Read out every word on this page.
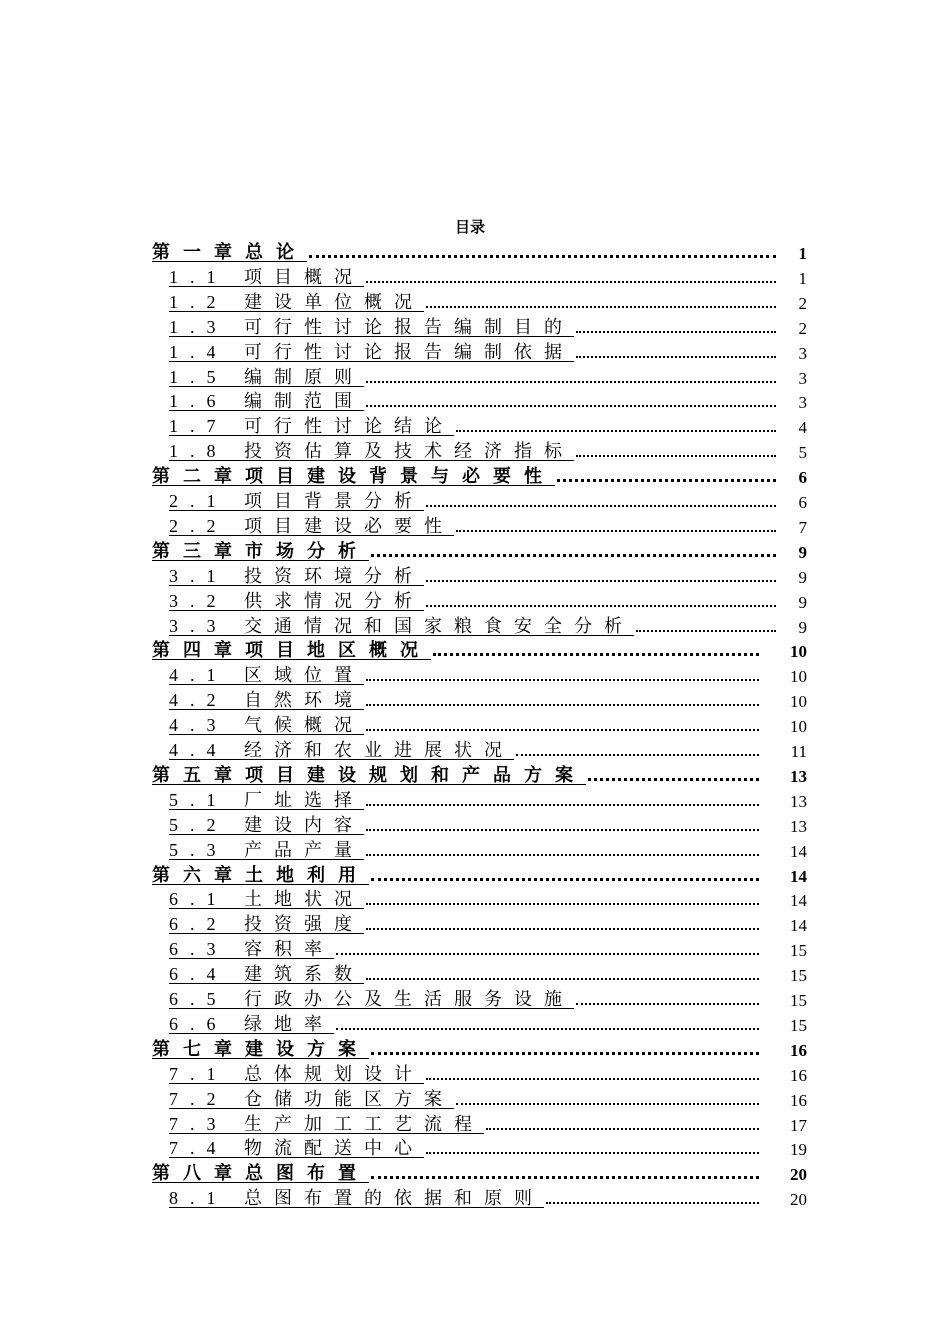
目录
第一章总论	1
1.1 项目概况	1
1.2 建设单位概况	2
1.3 可行性讨论报告编制目的	2
1.4 可行性讨论报告编制依据	3
1.5 编制原则	3
1.6 编制范围	3
1.7 可行性讨论结论	4
1.8 投资估算及技术经济指标	5
第二章项目建设背景与必要性	6
2.1 项目背景分析	6
2.2 项目建设必要性	7
第三章市场分析	9
3.1 投资环境分析	9
3.2 供求情况分析	9
3.3 交通情况和国家粮食安全分析	9
第四章项目地区概况	10
4.1 区域位置	10
4.2 自然环境	10
4.3 气候概况	10
4.4 经济和农业进展状况	11
第五章项目建设规划和产品方案	13
5.1 厂址选择	13
5.2 建设内容	13
5.3 产品产量	14
第六章土地利用	14
6.1 土地状况	14
6.2 投资强度	14
6.3 容积率	15
6.4 建筑系数	15
6.5 行政办公及生活服务设施	15
6.6 绿地率	15
第七章建设方案	16
7.1 总体规划设计	16
7.2 仓储功能区方案	16
7.3 生产加工工艺流程	17
7.4 物流配送中心	19
第八章总图布置	20
8.1 总图布置的依据和原则	20
